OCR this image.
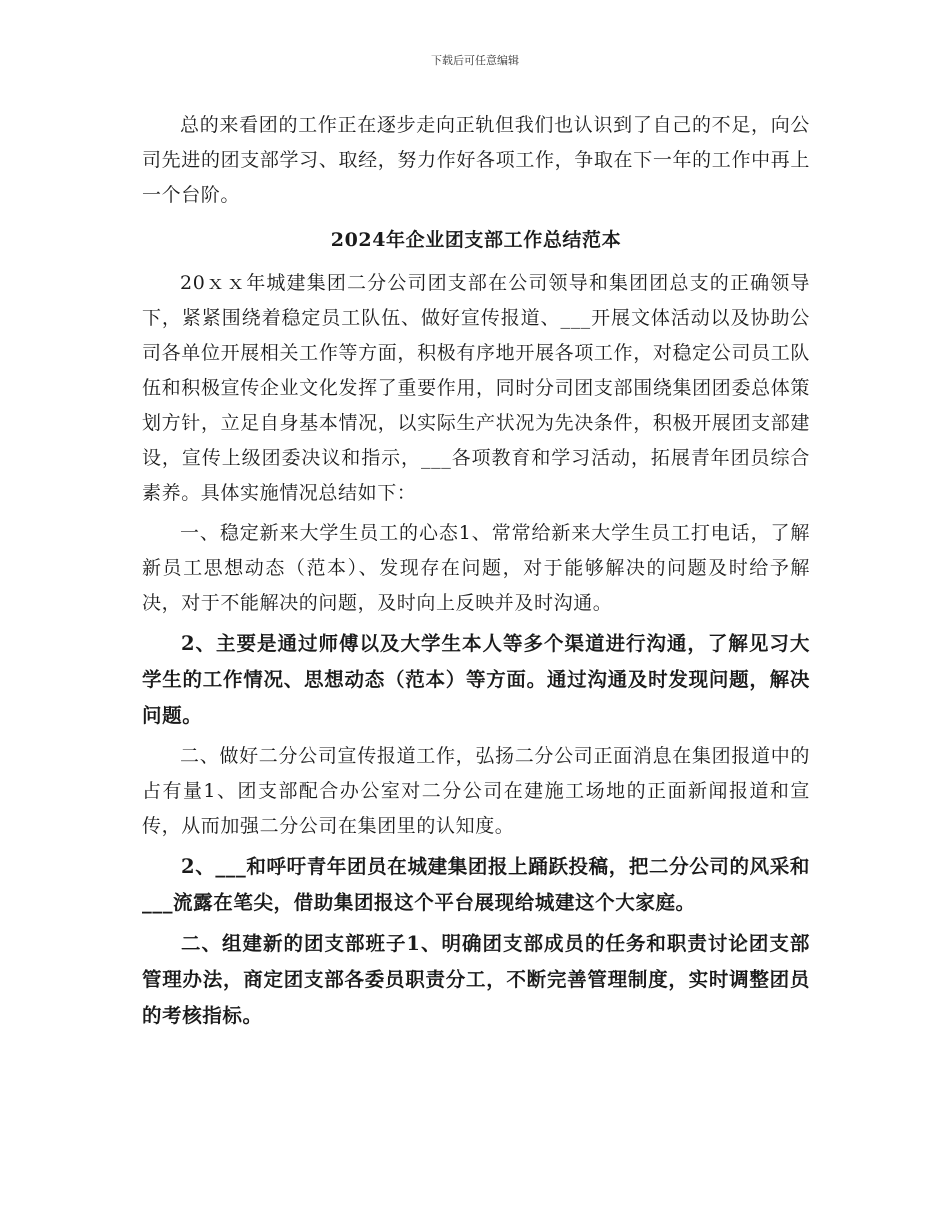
下载后可任意编辑

总的来看团的工作正在逐步走向正轨但我们也认识到了自己的不足，向公司先进的团支部学习、取经，努力作好各项工作，争取在下一年的工作中再上一个台阶。

2024年企业团支部工作总结范本

20ｘｘ年城建集团二分公司团支部在公司领导和集团团总支的正确领导下，紧紧围绕着稳定员工队伍、做好宣传报道、___开展文体活动以及协助公司各单位开展相关工作等方面，积极有序地开展各项工作，对稳定公司员工队伍和积极宣传企业文化发挥了重要作用，同时分司团支部围绕集团团委总体策划方针，立足自身基本情况，以实际生产状况为先决条件，积极开展团支部建设，宣传上级团委决议和指示，___各项教育和学习活动，拓展青年团员综合素养。具体实施情况总结如下：

一、稳定新来大学生员工的心态1、常常给新来大学生员工打电话，了解新员工思想动态（范本）、发现存在问题，对于能够解决的问题及时给予解决，对于不能解决的问题，及时向上反映并及时沟通。

2、主要是通过师傅以及大学生本人等多个渠道进行沟通，了解见习大学生的工作情况、思想动态（范本）等方面。通过沟通及时发现问题，解决问题。

二、做好二分公司宣传报道工作，弘扬二分公司正面消息在集团报道中的占有量1、团支部配合办公室对二分公司在建施工场地的正面新闻报道和宣传，从而加强二分公司在集团里的认知度。

2、___和呼吁青年团员在城建集团报上踊跃投稿，把二分公司的风采和___流露在笔尖，借助集团报这个平台展现给城建这个大家庭。

二、组建新的团支部班子1、明确团支部成员的任务和职责讨论团支部管理办法，商定团支部各委员职责分工，不断完善管理制度，实时调整团员的考核指标。
